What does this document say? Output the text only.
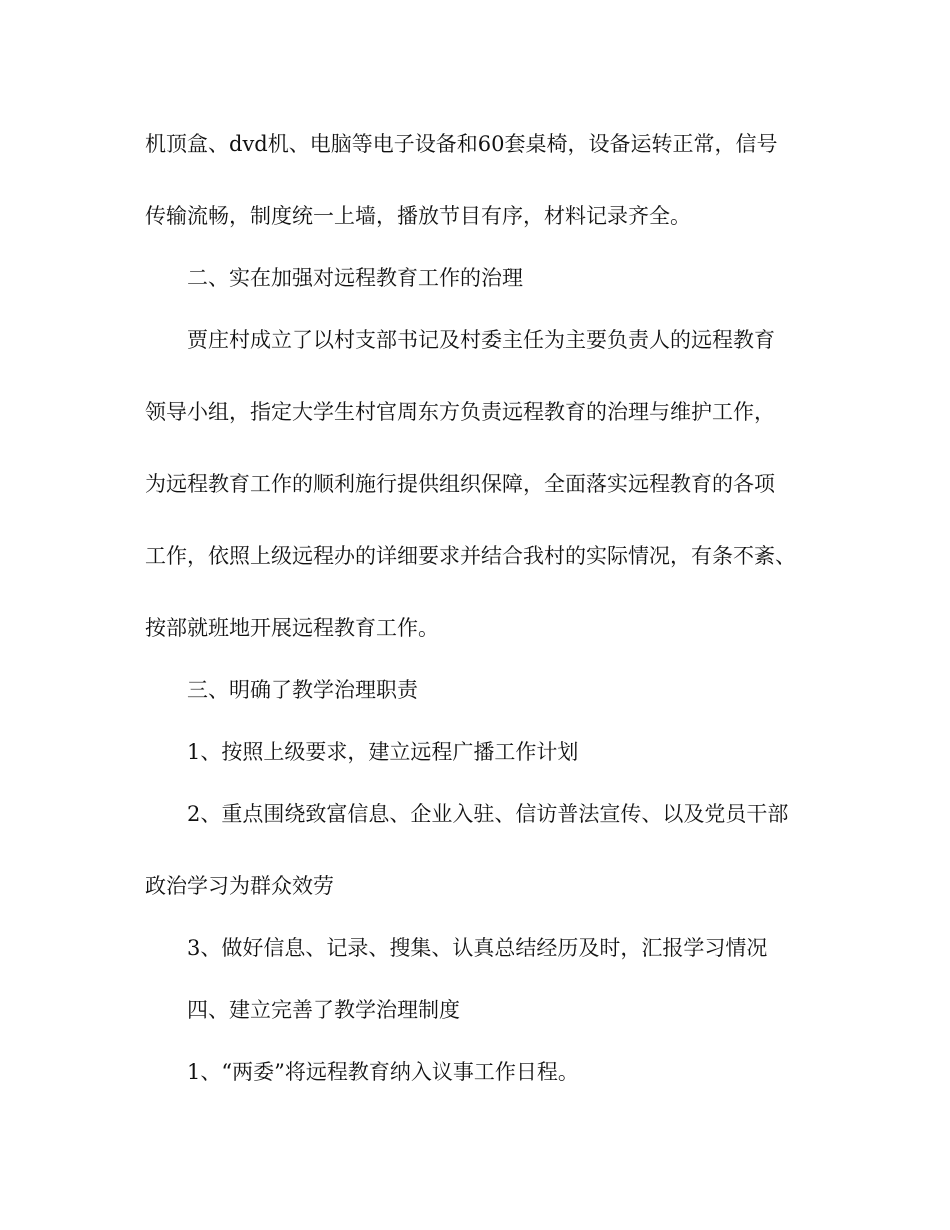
机顶盒、dvd机、电脑等电子设备和60套桌椅，设备运转正常，信号
传输流畅，制度统一上墙，播放节目有序，材料记录齐全。
二、实在加强对远程教育工作的治理
贾庄村成立了以村支部书记及村委主任为主要负责人的远程教育
领导小组，指定大学生村官周东方负责远程教育的治理与维护工作，
为远程教育工作的顺利施行提供组织保障，全面落实远程教育的各项
工作，依照上级远程办的详细要求并结合我村的实际情况，有条不紊、
按部就班地开展远程教育工作。
三、明确了教学治理职责
1、按照上级要求，建立远程广播工作计划
2、重点围绕致富信息、企业入驻、信访普法宣传、以及党员干部
政治学习为群众效劳
3、做好信息、记录、搜集、认真总结经历及时，汇报学习情况
四、建立完善了教学治理制度
1、“两委”将远程教育纳入议事工作日程。
